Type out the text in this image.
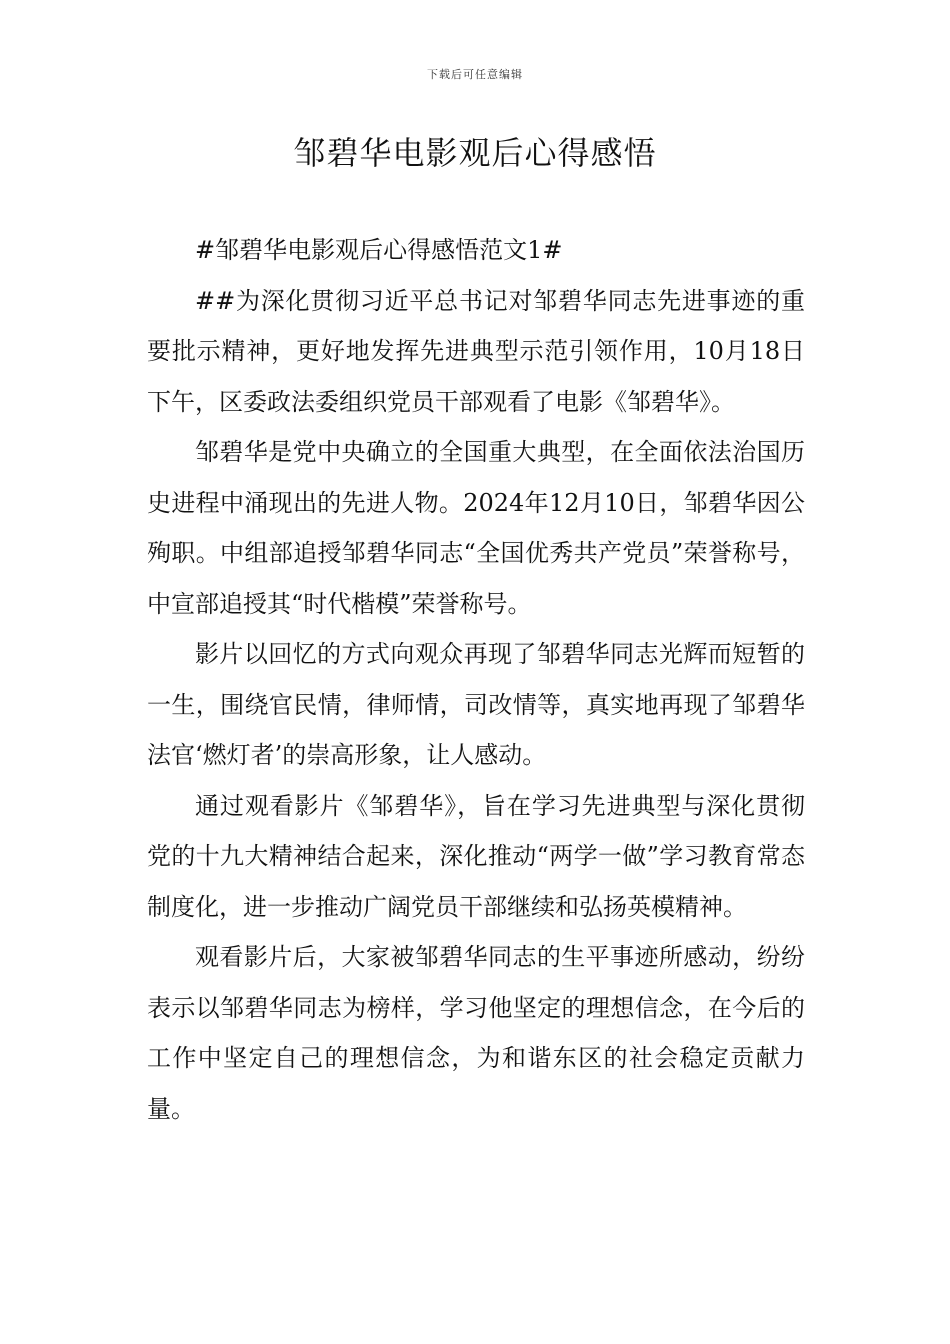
下载后可任意编辑
邹碧华电影观后心得感悟

#邹碧华电影观后心得感悟范文1#

##为深化贯彻习近平总书记对邹碧华同志先进事迹的重要批示精神，更好地发挥先进典型示范引领作用，10月18日下午，区委政法委组织党员干部观看了电影《邹碧华》。

邹碧华是党中央确立的全国重大典型，在全面依法治国历史进程中涌现出的先进人物。2024年12月10日，邹碧华因公殉职。中组部追授邹碧华同志“全国优秀共产党员”荣誉称号，中宣部追授其“时代楷模”荣誉称号。

影片以回忆的方式向观众再现了邹碧华同志光辉而短暂的一生，围绕官民情，律师情，司改情等，真实地再现了邹碧华法官‘燃灯者’的崇高形象，让人感动。

通过观看影片《邹碧华》，旨在学习先进典型与深化贯彻党的十九大精神结合起来，深化推动“两学一做”学习教育常态制度化，进一步推动广阔党员干部继续和弘扬英模精神。

观看影片后，大家被邹碧华同志的生平事迹所感动，纷纷表示以邹碧华同志为榜样，学习他坚定的理想信念，在今后的工作中坚定自己的理想信念，为和谐东区的社会稳定贡献力量。
